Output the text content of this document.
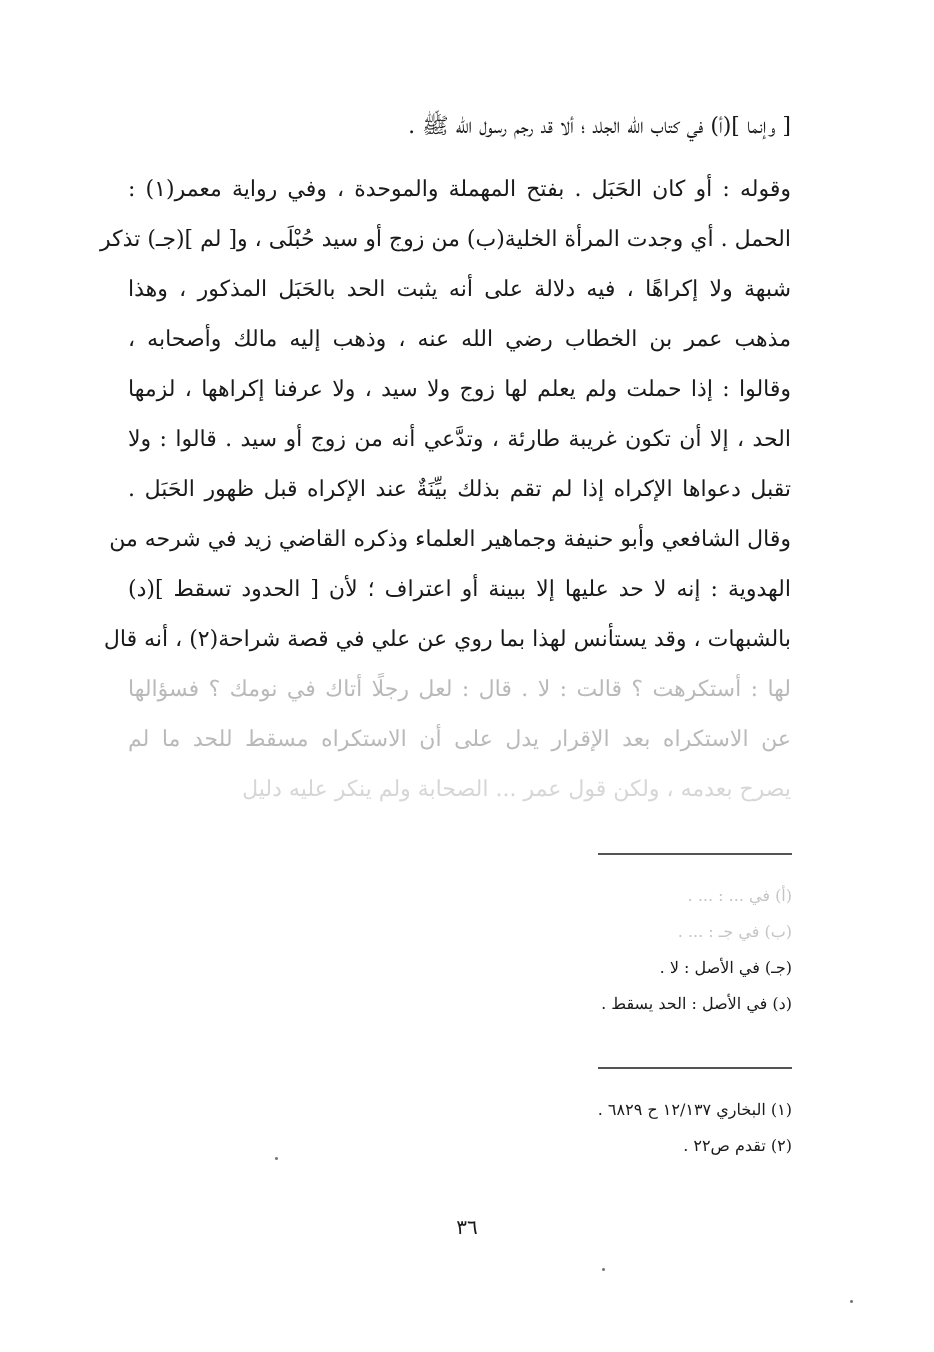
[ وإنما ](أ) في كتاب الله الجلد ؛ ألا قد رجم رسول الله ﷺ .
وقوله : أو كان الحَبَل . بفتح المهملة والموحدة ، وفي رواية معمر(١) :
الحمل . أي وجدت المرأة الخلية(ب) من زوج أو سيد حُبْلَى ، و[ لم ](جـ) تذكر
شبهة ولا إكراهًا ، فيه دلالة على أنه يثبت الحد بالحَبَل المذكور ، وهذا
مذهب عمر بن الخطاب رضي الله عنه ، وذهب إليه مالك وأصحابه ،
وقالوا : إذا حملت ولم يعلم لها زوج ولا سيد ، ولا عرفنا إكراهها ، لزمها
الحد ، إلا أن تكون غريبة طارئة ، وتدَّعي أنه من زوج أو سيد . قالوا : ولا
تقبل دعواها الإكراه إذا لم تقم بذلك بيِّنَةٌ عند الإكراه قبل ظهور الحَبَل .
وقال الشافعي وأبو حنيفة وجماهير العلماء وذكره القاضي زيد في شرحه من
الهدوية : إنه لا حد عليها إلا ببينة أو اعتراف ؛ لأن [ الحدود تسقط ](د)
بالشبهات ، وقد يستأنس لهذا بما روي عن علي في قصة شراحة(٢) ، أنه قال
لها : أستكرهت ؟ قالت : لا . قال : لعل رجلًا أتاك في نومك ؟ فسؤالها
عن الاستكراه بعد الإقرار يدل على أن الاستكراه مسقط للحد ما لم
يصرح بعدمه ، ولكن قول عمر ... الصحابة ولم ينكر عليه دليل
(أ) في ... : ... .
(ب) في جـ : ... .
(جـ) في الأصل : لا .
(د) في الأصل : الحد يسقط .
(١) البخاري ١٢/١٣٧ ح ٦٨٢٩ .
(٢) تقدم ص٢٢ .
٣٦
